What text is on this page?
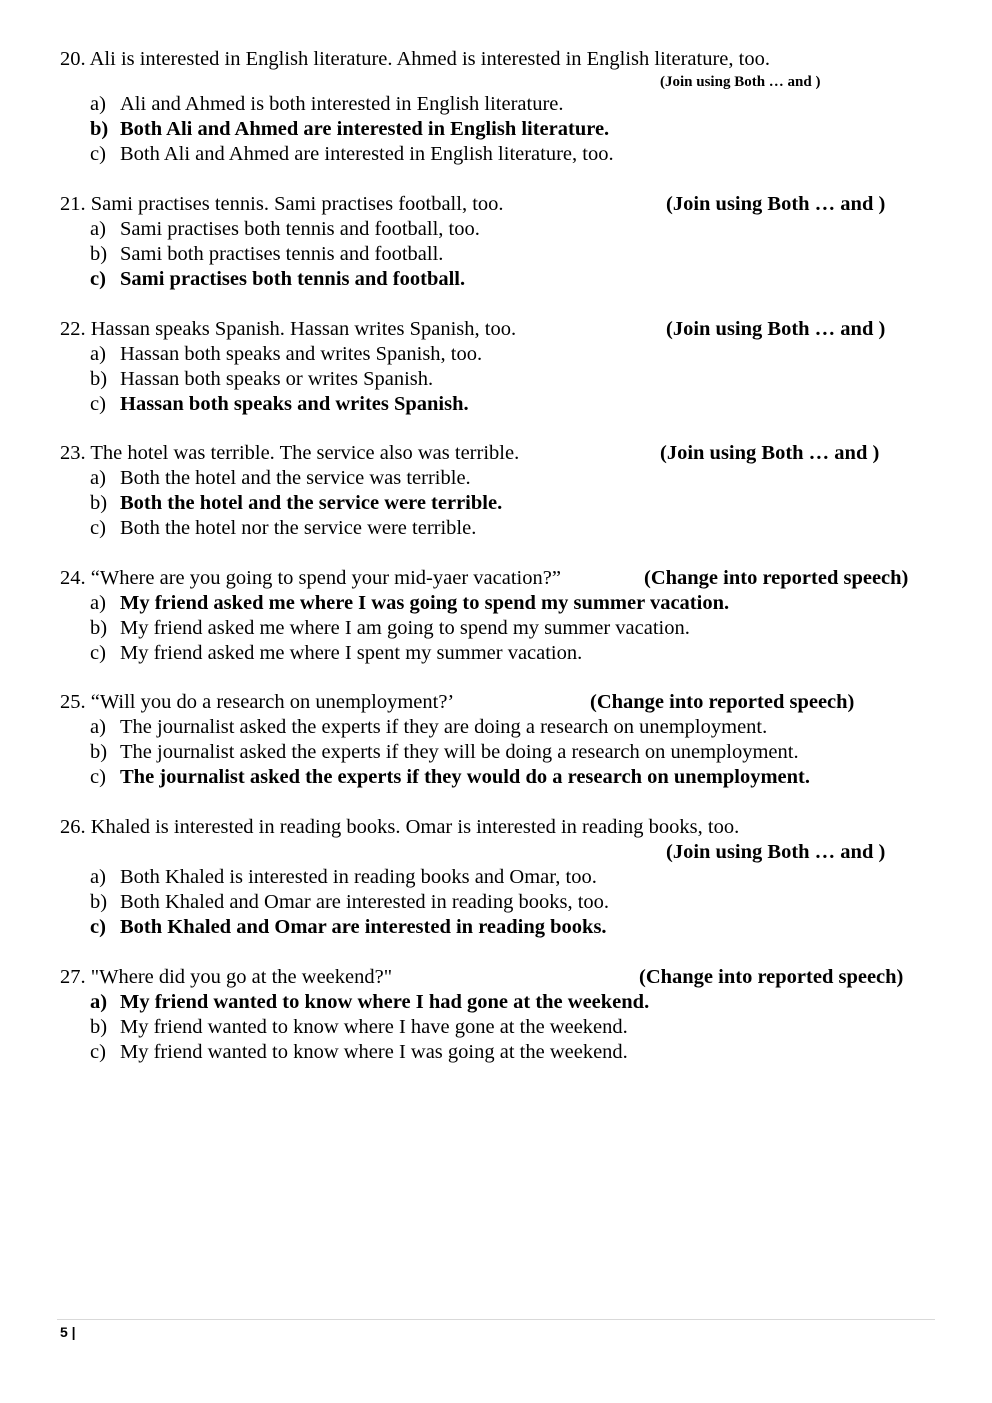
20. Ali is interested in English literature. Ahmed is interested in English literature, too.
(Join using Both … and )
a) Ali and Ahmed is both interested in English literature.
b) Both Ali and Ahmed are interested in English literature.
c) Both Ali and Ahmed are interested in English literature, too.
21. Sami practises tennis. Sami practises football, too.	(Join using Both … and )
a) Sami practises both tennis and football, too.
b) Sami both practises tennis and football.
c) Sami practises both tennis and football.
22. Hassan speaks Spanish. Hassan writes Spanish, too.	(Join using Both … and )
a) Hassan both speaks and writes Spanish, too.
b) Hassan both speaks or writes Spanish.
c) Hassan both speaks and writes Spanish.
23. The hotel was terrible. The service also was terrible.	(Join using Both … and )
a) Both the hotel and the service was terrible.
b) Both the hotel and the service were terrible.
c) Both the hotel nor the service were terrible.
24. “Where are you going to spend your mid-yaer vacation?”	(Change into reported speech)
a) My friend asked me where I was going to spend my summer vacation.
b) My friend asked me where I am going to spend my summer vacation.
c) My friend asked me where I spent my summer vacation.
25. “Will you do a research on unemployment?’	(Change into reported speech)
a) The journalist asked the experts if they are doing a research on unemployment.
b) The journalist asked the experts if they will be doing a research on unemployment.
c) The journalist asked the experts if they would do a research on unemployment.
26. Khaled is interested in reading books. Omar is interested in reading books, too.
(Join using Both … and )
a) Both Khaled is interested in reading books and Omar, too.
b) Both Khaled and Omar are interested in reading books, too.
c) Both Khaled and Omar are interested in reading books.
27. "Where did you go at the weekend?"	(Change into reported speech)
a) My friend wanted to know where I had gone at the weekend.
b) My friend wanted to know where I have gone at the weekend.
c) My friend wanted to know where I was going at the weekend.
5 |
